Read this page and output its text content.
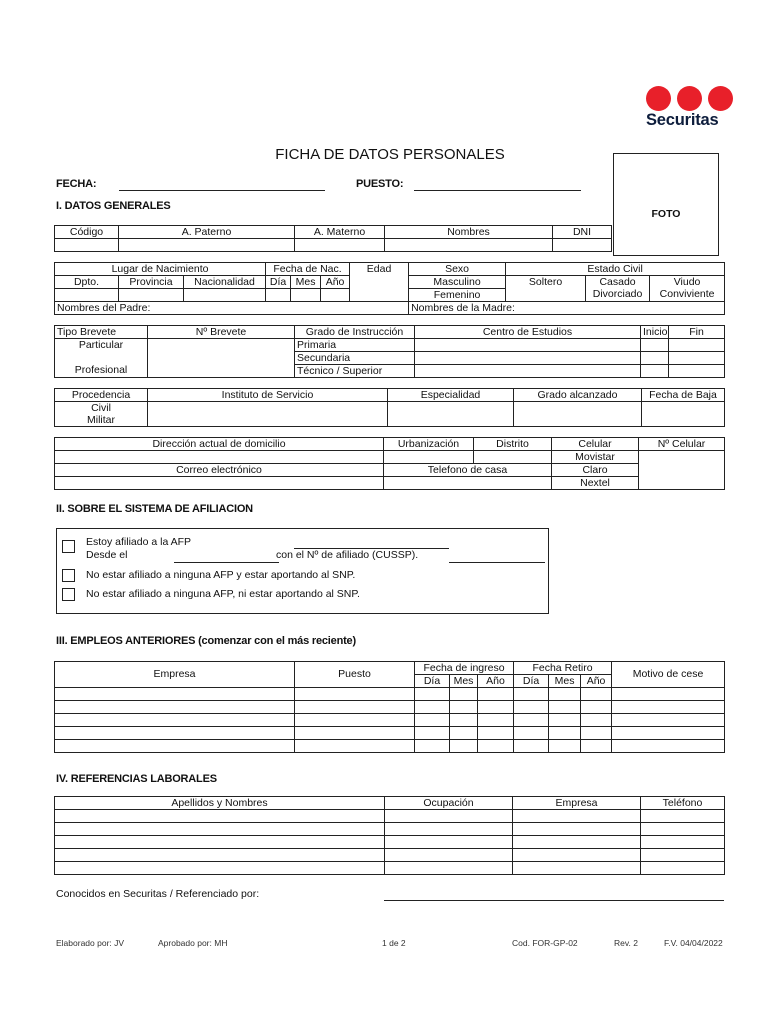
Securitas
FICHA DE DATOS PERSONALES
FECHA:	PUESTO:
FOTO
I. DATOS GENERALES
Código	A. Paterno	A. Materno	Nombres	DNI

Lugar de Nacimiento			Fecha de Nac.			Edad	Sexo	Estado Civil		
Dpto.	Provincia	Nacionalidad	Día	Mes	Año		Masculino	Soltero	Casado	Viudo
							Femenino		Divorciado	Conviviente
Nombres del Padre:							Nombres de la Madre:			
Tipo Brevete	Nº Brevete	Grado de Instrucción	Centro de Estudios	Inicio	Fin
Particular		Primaria			
		Secundaria			
Profesional		Técnico / Superior			
Procedencia	Instituto de Servicio	Especialidad	Grado alcanzado	Fecha de Baja
Civil				
Militar				
Dirección actual de domicilio	Urbanización	Distrito	Celular	Nº Celular
			Movistar	
Correo electrónico	Telefono de casa		Claro	
			Nextel	
II. SOBRE EL SISTEMA DE AFILIACION
Estoy afiliado a la AFP
Desde el	con el Nº de afiliado (CUSSP).
No estar afiliado a ninguna AFP y estar aportando al SNP.
No estar afiliado a ninguna AFP, ni estar aportando al SNP.
III. EMPLEOS ANTERIORES (comenzar con el más reciente)
Empresa	Puesto	Fecha de ingreso			Fecha Retiro			Motivo de cese
		Día	Mes	Año	Día	Mes	Año	

IV. REFERENCIAS LABORALES
Apellidos y Nombres	Ocupación	Empresa	Teléfono

Conocidos en Securitas / Referenciado por:
Elaborado por: JV	Aprobado por: MH	1 de 2	Cod. FOR-GP-02	Rev. 2	F.V. 04/04/2022
